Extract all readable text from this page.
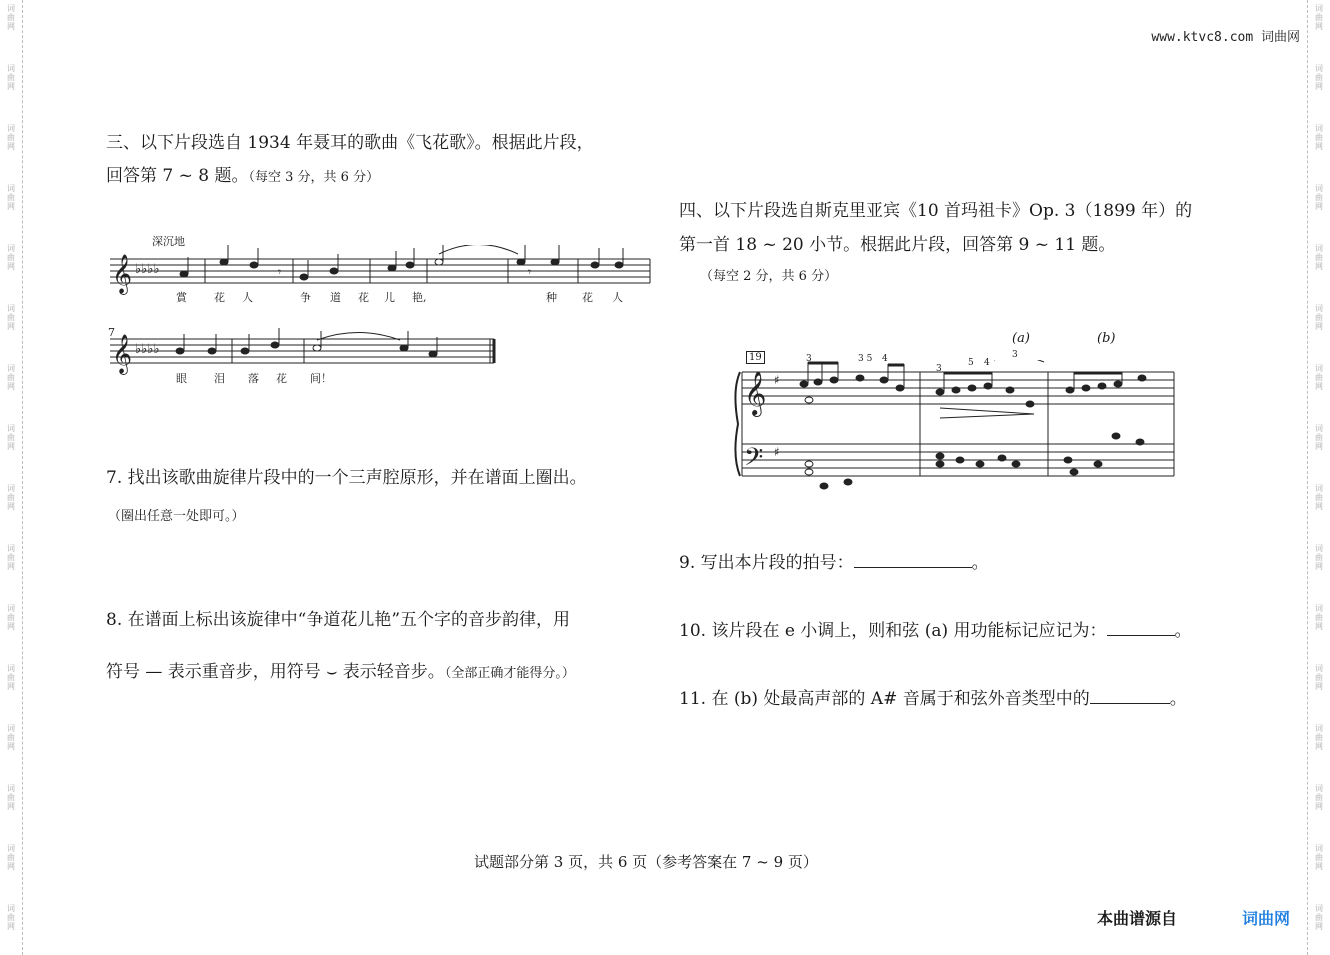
词曲网
词曲网
词曲网
词曲网
词曲网
词曲网
词曲网
词曲网
词曲网
词曲网
词曲网
词曲网
词曲网
词曲网
词曲网
词曲网
词曲网
词曲网
词曲网
词曲网
词曲网
词曲网
词曲网
词曲网
词曲网
词曲网
词曲网
词曲网
词曲网
词曲网
词曲网
词曲网
www.ktvc8.com 词曲网
三、以下片段选自 1934 年聂耳的歌曲《飞花歌》。根据此片段，
回答第 7 ~ 8 题。（每空 3 分，共 6 分）
深沉地
𝄞 ♭♭♭♭	𝄾	𝄾
賞 花 人	争 道 花 儿 艳,	种 花 人
7
𝄞 ♭♭♭♭
眼 泪 落 花 间！
7. 找出该歌曲旋律片段中的一个三声腔原形，并在谱面上圈出。
（圈出任意一处即可。）
8. 在谱面上标出该旋律中“争道花儿艳”五个字的音步韵律，用
符号 — 表示重音步，用符号 ⌣ 表示轻音步。（全部正确才能得分。）
四、以下片段选自斯克里亚宾《10 首玛祖卡》Op. 3（1899 年）的
第一首 18 ~ 20 小节。根据此片段，回答第 9 ~ 11 题。
（每空 2 分，共 6 分）
(a)	(b)
19	3	3 5 4
3
5 4
3
𝄞
𝄢
♯
♯
9. 写出本片段的拍号：	。
10. 该片段在 e 小调上，则和弦 (a) 用功能标记应记为：	。
11. 在 (b) 处最高声部的 A# 音属于和弦外音类型中的	。
试题部分第 3 页，共 6 页（参考答案在 7 ~ 9 页）
本曲谱源自	词曲网
